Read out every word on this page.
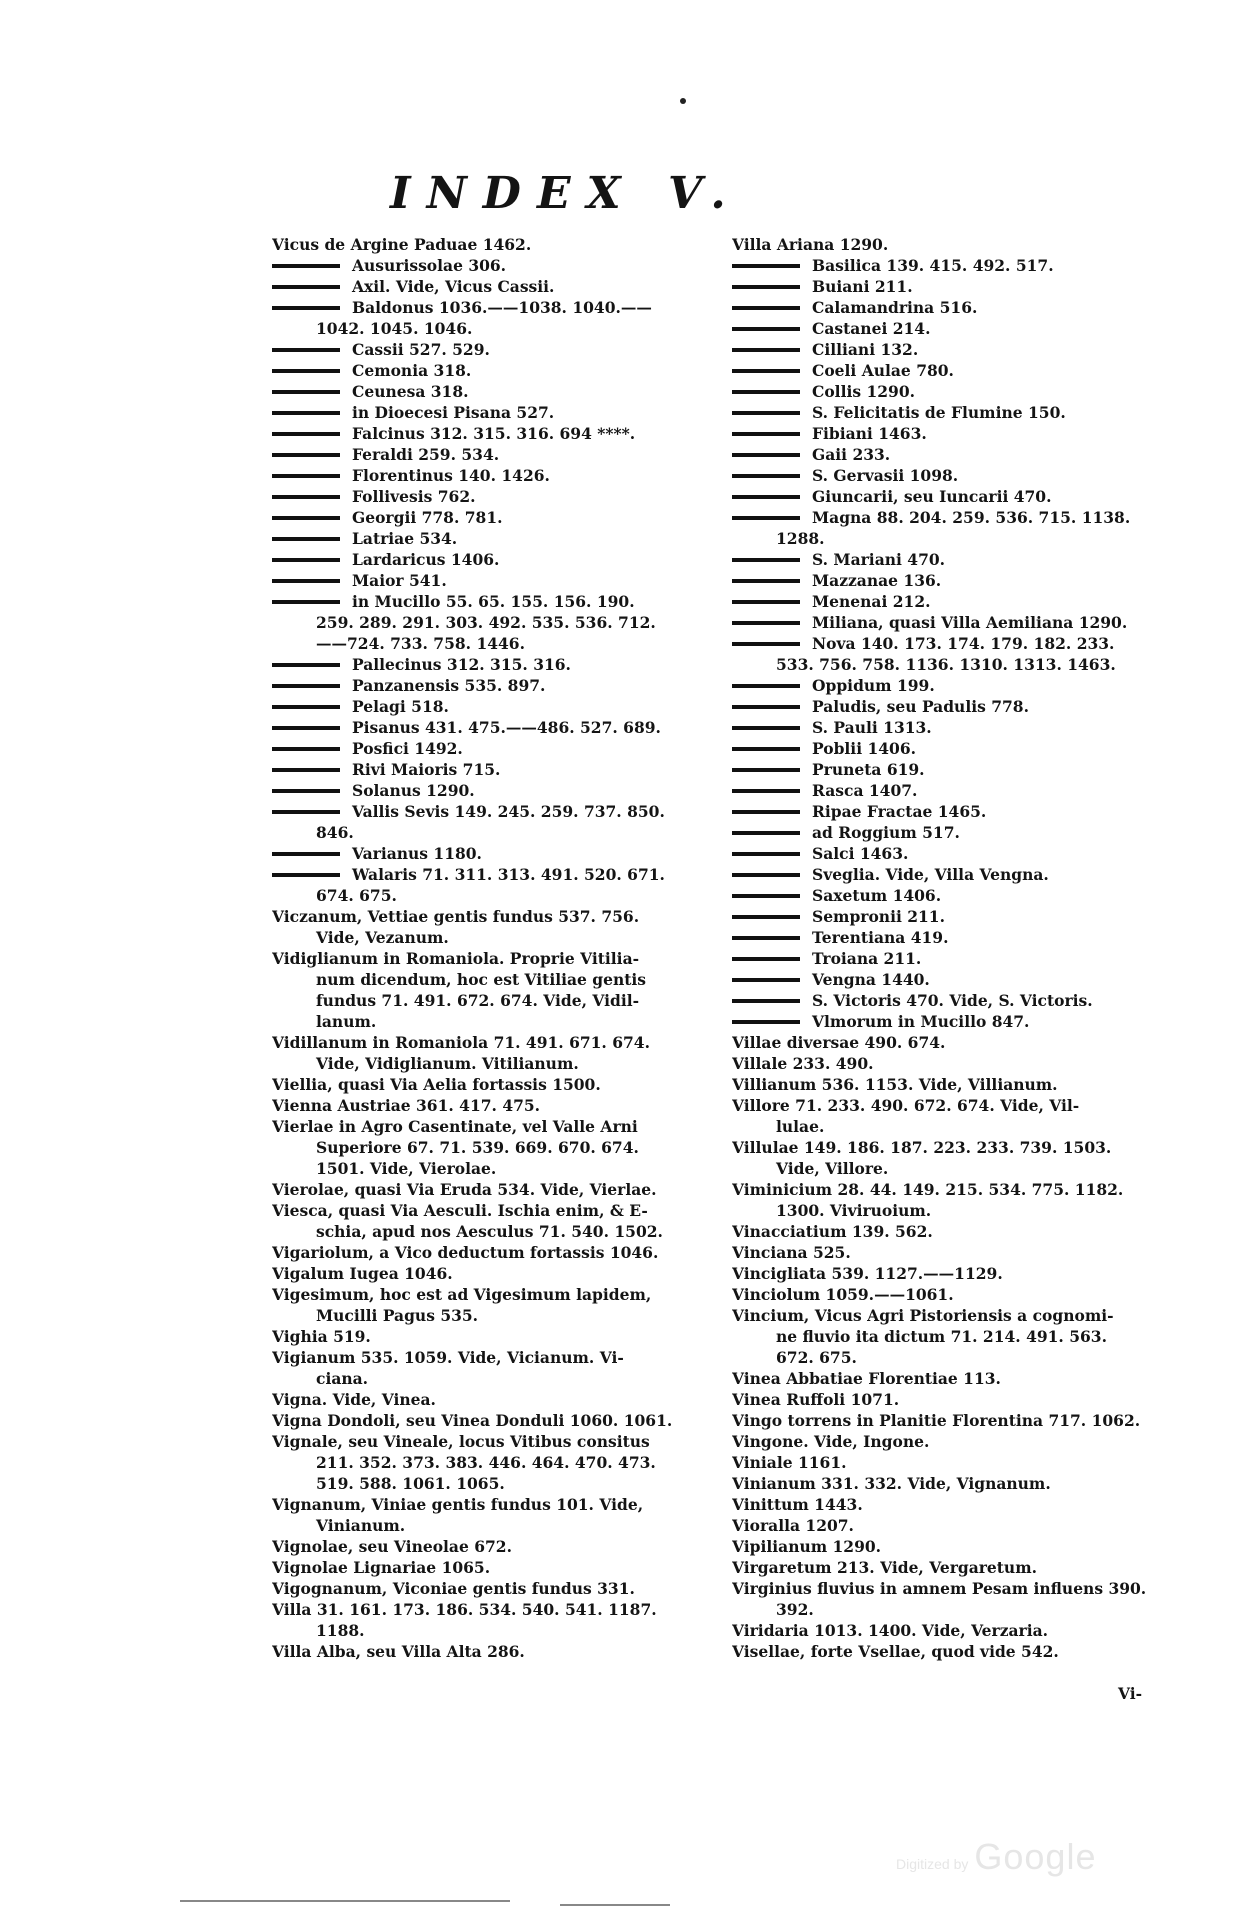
INDEX V.
Vicus de Argine Paduae 1462.
Ausurissolae 306.
Axil. Vide, Vicus Cassii.
Baldonus 1036.——1038. 1040.——
1042. 1045. 1046.
Cassii 527. 529.
Cemonia 318.
Ceunesa 318.
in Dioecesi Pisana 527.
Falcinus 312. 315. 316. 694 ****.
Feraldi 259. 534.
Florentinus 140. 1426.
Follivesis 762.
Georgii 778. 781.
Latriae 534.
Lardaricus 1406.
Maior 541.
in Mucillo 55. 65. 155. 156. 190.
259. 289. 291. 303. 492. 535. 536. 712.
——724. 733. 758. 1446.
Pallecinus 312. 315. 316.
Panzanensis 535. 897.
Pelagi 518.
Pisanus 431. 475.——486. 527. 689.
Posfici 1492.
Rivi Maioris 715.
Solanus 1290.
Vallis Sevis 149. 245. 259. 737. 850.
846.
Varianus 1180.
Walaris 71. 311. 313. 491. 520. 671.
674. 675.
Viczanum, Vettiae gentis fundus 537. 756.
Vide, Vezanum.
Vidiglianum in Romaniola. Proprie Vitilia-
num dicendum, hoc est Vitiliae gentis
fundus 71. 491. 672. 674. Vide, Vidil-
lanum.
Vidillanum in Romaniola 71. 491. 671. 674.
Vide, Vidiglianum. Vitilianum.
Viellia, quasi Via Aelia fortassis 1500.
Vienna Austriae 361. 417. 475.
Vierlae in Agro Casentinate, vel Valle Arni
Superiore 67. 71. 539. 669. 670. 674.
1501. Vide, Vierolae.
Vierolae, quasi Via Eruda 534. Vide, Vierlae.
Viesca, quasi Via Aesculi. Ischia enim, & E-
schia, apud nos Aesculus 71. 540. 1502.
Vigariolum, a Vico deductum fortassis 1046.
Vigalum Iugea 1046.
Vigesimum, hoc est ad Vigesimum lapidem,
Mucilli Pagus 535.
Vighia 519.
Vigianum 535. 1059. Vide, Vicianum. Vi-
ciana.
Vigna. Vide, Vinea.
Vigna Dondoli, seu Vinea Donduli 1060. 1061.
Vignale, seu Vineale, locus Vitibus consitus
211. 352. 373. 383. 446. 464. 470. 473.
519. 588. 1061. 1065.
Vignanum, Viniae gentis fundus 101. Vide,
Vinianum.
Vignolae, seu Vineolae 672.
Vignolae Lignariae 1065.
Vigognanum, Viconiae gentis fundus 331.
Villa 31. 161. 173. 186. 534. 540. 541. 1187.
1188.
Villa Alba, seu Villa Alta 286.
Villa Ariana 1290.
Basilica 139. 415. 492. 517.
Buiani 211.
Calamandrina 516.
Castanei 214.
Cilliani 132.
Coeli Aulae 780.
Collis 1290.
S. Felicitatis de Flumine 150.
Fibiani 1463.
Gaii 233.
S. Gervasii 1098.
Giuncarii, seu Iuncarii 470.
Magna 88. 204. 259. 536. 715. 1138.
1288.
S. Mariani 470.
Mazzanae 136.
Menenai 212.
Miliana, quasi Villa Aemiliana 1290.
Nova 140. 173. 174. 179. 182. 233.
533. 756. 758. 1136. 1310. 1313. 1463.
Oppidum 199.
Paludis, seu Padulis 778.
S. Pauli 1313.
Poblii 1406.
Pruneta 619.
Rasca 1407.
Ripae Fractae 1465.
ad Roggium 517.
Salci 1463.
Sveglia. Vide, Villa Vengna.
Saxetum 1406.
Sempronii 211.
Terentiana 419.
Troiana 211.
Vengna 1440.
S. Victoris 470. Vide, S. Victoris.
Vlmorum in Mucillo 847.
Villae diversae 490. 674.
Villale 233. 490.
Villianum 536. 1153. Vide, Villianum.
Villore 71. 233. 490. 672. 674. Vide, Vil-
lulae.
Villulae 149. 186. 187. 223. 233. 739. 1503.
Vide, Villore.
Viminicium 28. 44. 149. 215. 534. 775. 1182.
1300. Viviruoium.
Vinacciatium 139. 562.
Vinciana 525.
Vincigliata 539. 1127.——1129.
Vinciolum 1059.——1061.
Vincium, Vicus Agri Pistoriensis a cognomi-
ne fluvio ita dictum 71. 214. 491. 563.
672. 675.
Vinea Abbatiae Florentiae 113.
Vinea Ruffoli 1071.
Vingo torrens in Planitie Florentina 717. 1062.
Vingone. Vide, Ingone.
Viniale 1161.
Vinianum 331. 332. Vide, Vignanum.
Vinittum 1443.
Vioralla 1207.
Vipilianum 1290.
Virgaretum 213. Vide, Vergaretum.
Virginius fluvius in amnem Pesam influens 390.
392.
Viridaria 1013. 1400. Vide, Verzaria.
Visellae, forte Vsellae, quod vide 542.
Vi-
Digitized by Google
